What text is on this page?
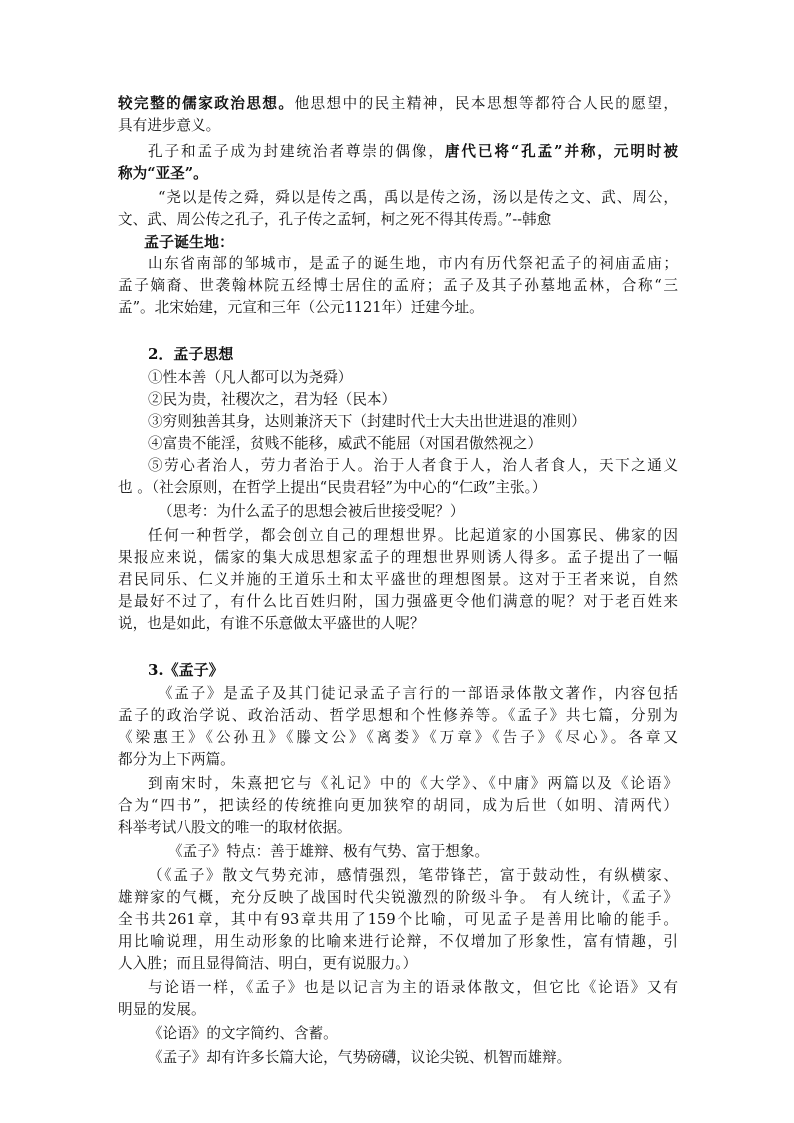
较完整的儒家政治思想。他思想中的民主精神，民本思想等都符合人民的愿望，
具有进步意义。
孔子和孟子成为封建统治者尊崇的偶像，唐代已将“孔孟”并称，元明时被
称为“亚圣”。
“尧以是传之舜，舜以是传之禹，禹以是传之汤，汤以是传之文、武、周公，
文、武、周公传之孔子，孔子传之孟轲，柯之死不得其传焉。”--韩愈
孟子诞生地：
山东省南部的邹城市，是孟子的诞生地，市内有历代祭祀孟子的祠庙孟庙；
孟子嫡裔、世袭翰林院五经博士居住的孟府；孟子及其子孙墓地孟林，合称“三
孟”。北宋始建，元宣和三年（公元1121年）迁建今址。
2．孟子思想
①性本善（凡人都可以为尧舜）
②民为贵，社稷次之，君为轻（民本）
③穷则独善其身，达则兼济天下（封建时代士大夫出世进退的准则）
④富贵不能淫，贫贱不能移，威武不能屈（对国君傲然视之）
⑤劳心者治人，劳力者治于人。治于人者食于人，治人者食人，天下之通义
也 。（社会原则，在哲学上提出“民贵君轻”为中心的“仁政”主张。）
（思考：为什么孟子的思想会被后世接受呢？）
任何一种哲学，都会创立自己的理想世界。比起道家的小国寡民、佛家的因
果报应来说，儒家的集大成思想家孟子的理想世界则诱人得多。孟子提出了一幅
君民同乐、仁义并施的王道乐土和太平盛世的理想图景。这对于王者来说，自然
是最好不过了，有什么比百姓归附，国力强盛更令他们满意的呢？对于老百姓来
说，也是如此，有谁不乐意做太平盛世的人呢？
3.《孟子》
《孟子》是孟子及其门徒记录孟子言行的一部语录体散文著作，内容包括
孟子的政治学说、政治活动、哲学思想和个性修养等。《孟子》共七篇，分别为
《梁惠王》《公孙丑》《滕文公》《离娄》《万章》《告子》《尽心》。各章又
都分为上下两篇。
到南宋时，朱熹把它与《礼记》中的《大学》、《中庸》两篇以及《论语》
合为“四书”，把读经的传统推向更加狭窄的胡同，成为后世（如明、清两代）
科举考试八股文的唯一的取材依据。
《孟子》特点：善于雄辩、极有气势、富于想象。
（《孟子》散文气势充沛，感情强烈，笔带锋芒，富于鼓动性，有纵横家、
雄辩家的气概，充分反映了战国时代尖锐激烈的阶级斗争。 有人统计，《孟子》
全书共261章，其中有93章共用了159个比喻，可见孟子是善用比喻的能手。
用比喻说理，用生动形象的比喻来进行论辩，不仅增加了形象性，富有情趣，引
人入胜；而且显得简洁、明白，更有说服力。）
与论语一样，《孟子》也是以记言为主的语录体散文，但它比《论语》又有
明显的发展。
《论语》的文字简约、含蓄。
《孟子》却有许多长篇大论，气势磅礴，议论尖锐、机智而雄辩。
